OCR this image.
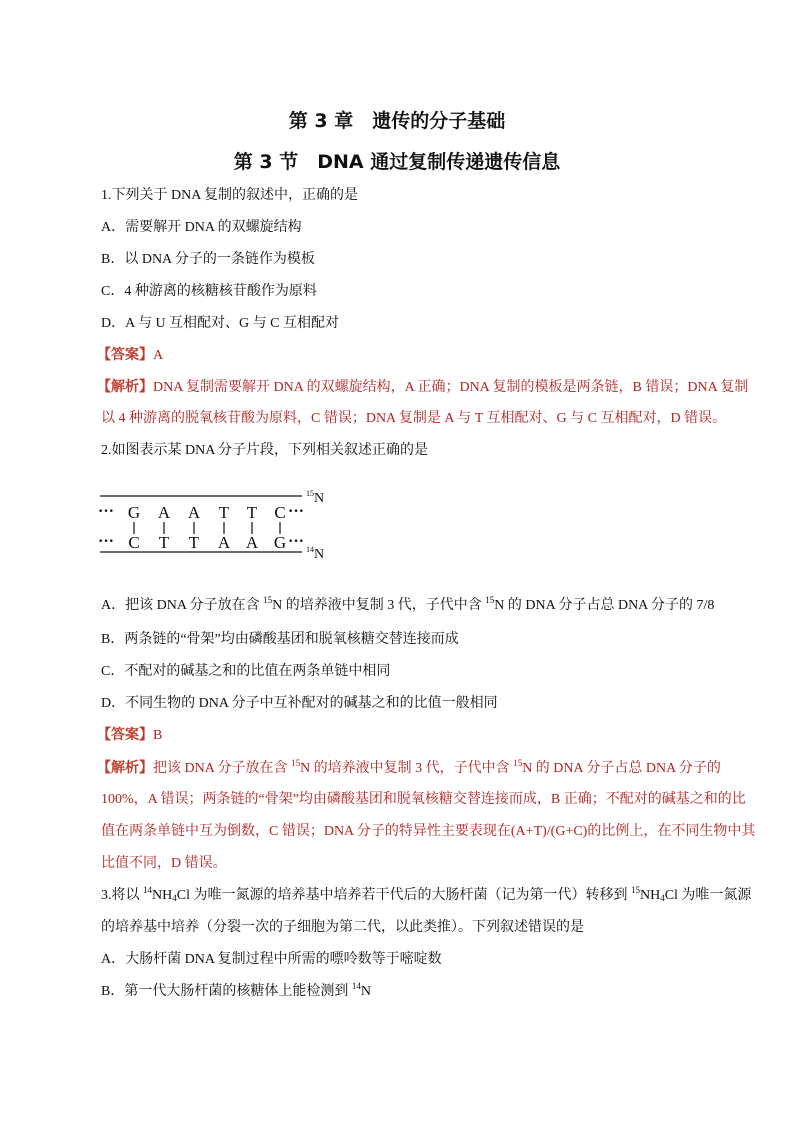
第 3 章　遗传的分子基础
第 3 节　DNA 通过复制传递遗传信息
1.下列关于 DNA 复制的叙述中，正确的是
A．需要解开 DNA 的双螺旋结构
B．以 DNA 分子的一条链作为模板
C．4 种游离的核糖核苷酸作为原料
D．A 与 U 互相配对、G 与 C 互相配对
【答案】A
【解析】DNA 复制需要解开 DNA 的双螺旋结构，A 正确；DNA 复制的模板是两条链，B 错误；DNA 复制
以 4 种游离的脱氧核苷酸为原料，C 错误；DNA 复制是 A 与 T 互相配对、G 与 C 互相配对，D 错误。
2.如图表示某 DNA 分子片段，下列相关叙述正确的是
···	···
···	···
G A A T T C
C T T A A G
$^{15}$N
$^{14}$N
A．把该 DNA 分子放在含 $^{15}$N 的培养液中复制 3 代，子代中含 $^{15}$N 的 DNA 分子占总 DNA 分子的 7/8
B．两条链的“骨架”均由磷酸基团和脱氧核糖交替连接而成
C．不配对的碱基之和的比值在两条单链中相同
D．不同生物的 DNA 分子中互补配对的碱基之和的比值一般相同
【答案】B
【解析】把该 DNA 分子放在含 $^{15}$N 的培养液中复制 3 代，子代中含 $^{15}$N 的 DNA 分子占总 DNA 分子的
100%，A 错误；两条链的“骨架”均由磷酸基团和脱氧核糖交替连接而成，B 正确；不配对的碱基之和的比
值在两条单链中互为倒数，C 错误；DNA 分子的特异性主要表现在(A+T)/(G+C)的比例上，在不同生物中其
比值不同，D 错误。
3.将以 $^{14}NH_4Cl$ 为唯一氮源的培养基中培养若干代后的大肠杆菌（记为第一代）转移到 $^{15}NH_4Cl$ 为唯一氮源
的培养基中培养（分裂一次的子细胞为第二代，以此类推）。下列叙述错误的是
A．大肠杆菌 DNA 复制过程中所需的嘌呤数等于嘧啶数
B．第一代大肠杆菌的核糖体上能检测到 $^{14}$N
